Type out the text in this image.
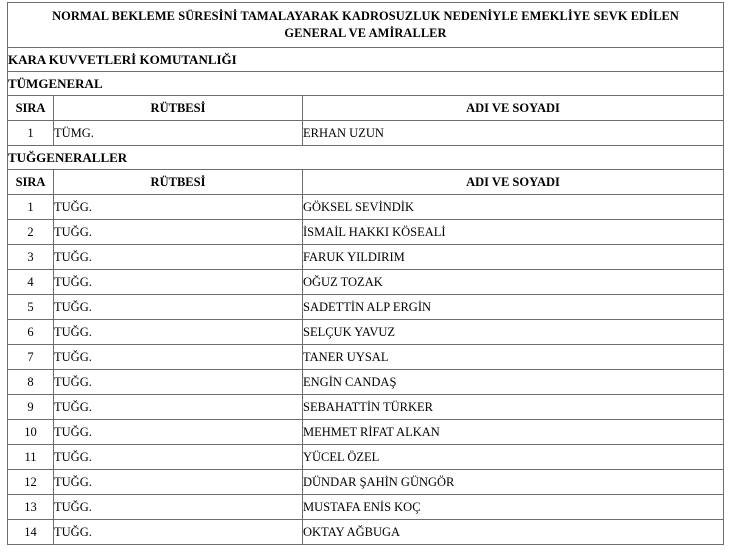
NORMAL BEKLEME SÜRESİNİ TAMALAYARAK KADROSUZLUK NEDENİYLE EMEKLİYE SEVK EDİLEN
GENERAL VE AMİRALLER		
KARA KUVVETLERİ KOMUTANLIĞI		
TÜMGENERAL		
SIRA	RÜTBESİ	ADI VE SOYADI
1	TÜMG.	ERHAN UZUN
TUĞGENERALLER		
SIRA	RÜTBESİ	ADI VE SOYADI
1	TUĞG.	GÖKSEL SEVİNDİK
2	TUĞG.	İSMAİL HAKKI KÖSEALİ
3	TUĞG.	FARUK YILDIRIM
4	TUĞG.	OĞUZ TOZAK
5	TUĞG.	SADETTİN ALP ERGİN
6	TUĞG.	SELÇUK YAVUZ
7	TUĞG.	TANER UYSAL
8	TUĞG.	ENGİN CANDAŞ
9	TUĞG.	SEBAHATTİN TÜRKER
10	TUĞG.	MEHMET RİFAT ALKAN
11	TUĞG.	YÜCEL ÖZEL
12	TUĞG.	DÜNDAR ŞAHİN GÜNGÖR
13	TUĞG.	MUSTAFA ENİS KOÇ
14	TUĞG.	OKTAY AĞBUGA
